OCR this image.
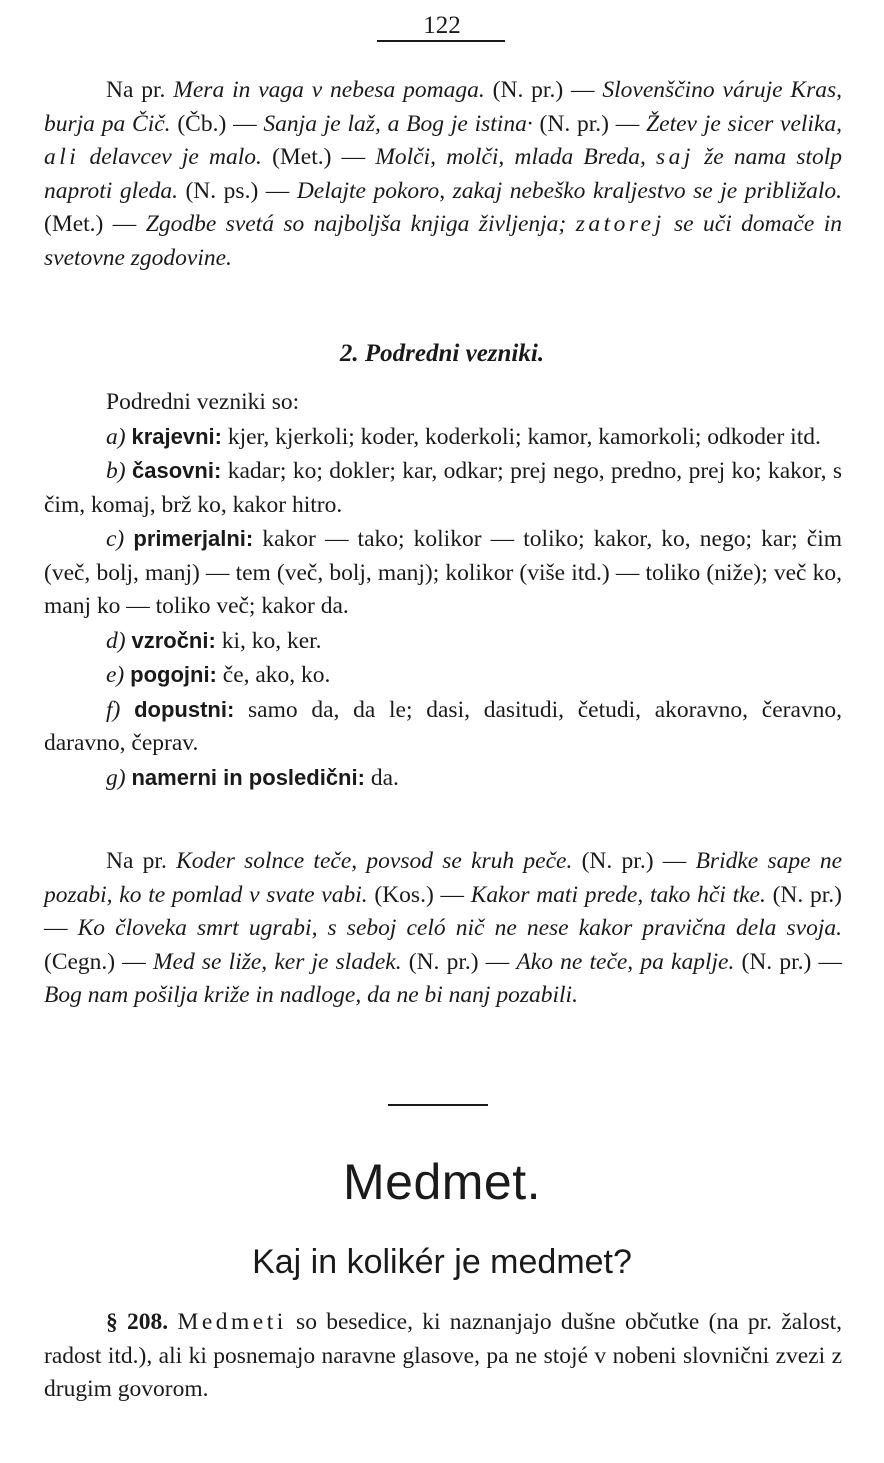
122

Na pr. Mera in vaga v nebesa pomaga. (N. pr.) — Slovenščino váruje Kras, burja pa Čič. (Čb.) — Sanja je laž, a Bog je istina· (N. pr.) — Žetev je sicer velika, ali delavcev je malo. (Met.) — Molči, molči, mlada Breda, saj že nama stolp naproti gleda. (N. ps.) — Delajte pokoro, zakaj nebeško kraljestvo se je približalo. (Met.) — Zgodbe svetá so najboljša knjiga življenja; zatorej se uči domače in svetovne zgodovine.

2. Podredni vezniki.

Podredni vezniki so:

a) krajevni: kjer, kjerkoli; koder, koderkoli; kamor, kamorkoli; odkoder itd.

b) časovni: kadar; ko; dokler; kar, odkar; prej nego, predno, prej ko; kakor, s čim, komaj, brž ko, kakor hitro.

c) primerjalni: kakor — tako; kolikor — toliko; kakor, ko, nego; kar; čim (več, bolj, manj) — tem (več, bolj, manj); kolikor (više itd.) — toliko (niže); več ko, manj ko — toliko več; kakor da.

d) vzročni: ki, ko, ker.

e) pogojni: če, ako, ko.

f) dopustni: samo da, da le; dasi, dasitudi, četudi, akoravno, čeravno, daravno, čeprav.

g) namerni in posledični: da.

Na pr. Koder solnce teče, povsod se kruh peče. (N. pr.) — Bridke sape ne pozabi, ko te pomlad v svate vabi. (Kos.) — Kakor mati prede, tako hči tke. (N. pr.) — Ko človeka smrt ugrabi, s seboj celó nič ne nese kakor pravična dela svoja. (Cegn.) — Med se liže, ker je sladek. (N. pr.) — Ako ne teče, pa kaplje. (N. pr.) — Bog nam pošilja križe in nadloge, da ne bi nanj pozabili.

Medmet.
Kaj in kolikér je medmet?

§ 208. Medmeti so besedice, ki naznanjajo dušne občutke (na pr. žalost, radost itd.), ali ki posnemajo naravne glasove, pa ne stojé v nobeni slovnični zvezi z drugim govorom.
